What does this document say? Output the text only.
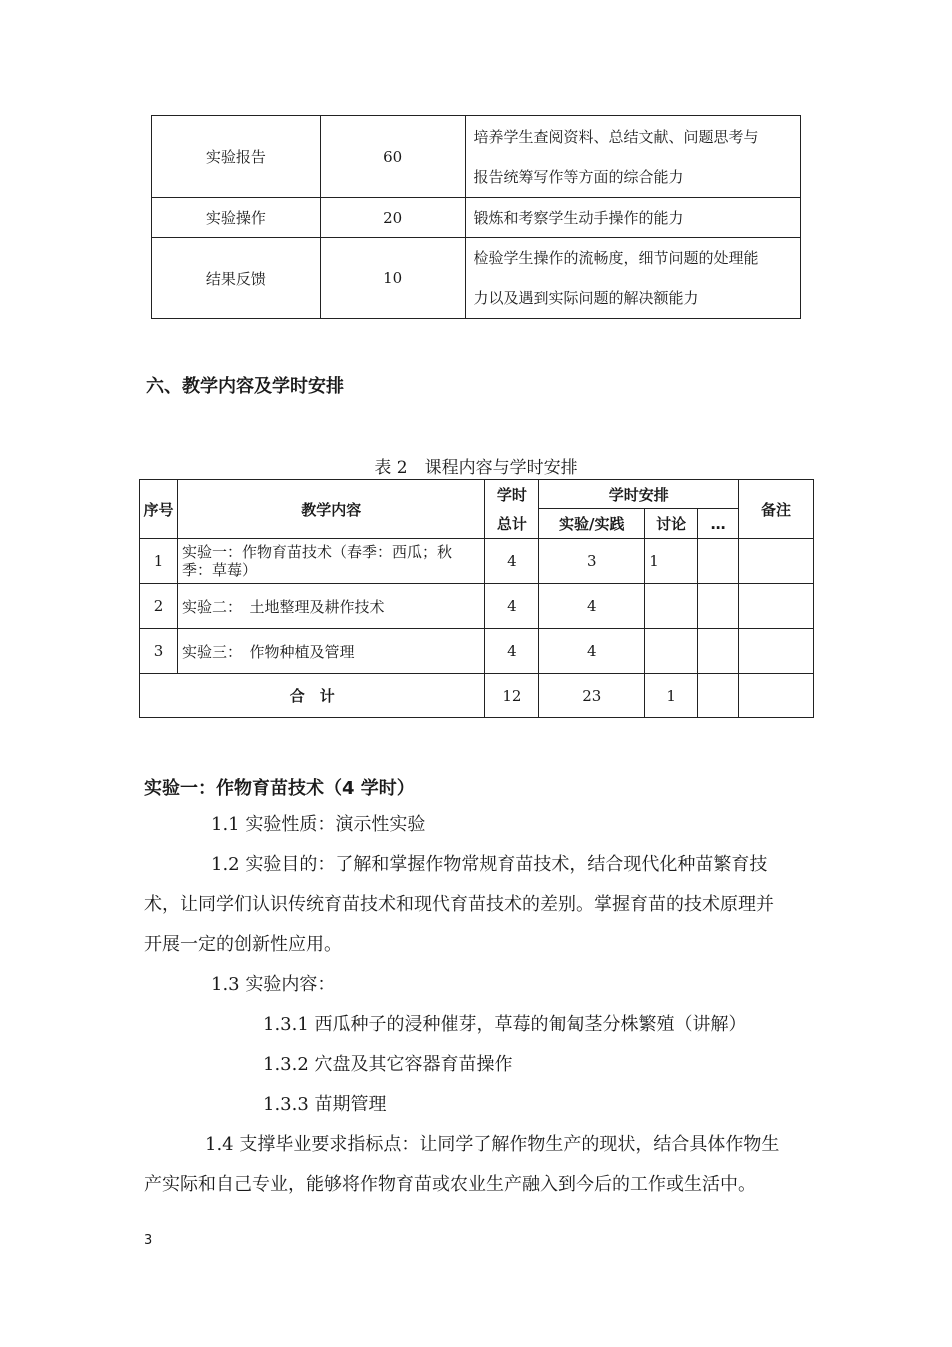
实验报告	60	培养学生查阅资料、总结文献、问题思考与
报告统筹写作等方面的综合能力

实验操作	20	锻炼和考察学生动手操作的能力
结果反馈	10	检验学生操作的流畅度，细节问题的处理能
力以及遇到实际问题的解决额能力
六、教学内容及学时安排
表 2　课程内容与学时安排
序号	教学内容	学时	学时安排			备注
		总计	实验/实践	讨论	…	
1	实验一：作物育苗技术（春季：西瓜；秋
季：草莓）	4	3	1		
2	实验二：　土地整理及耕作技术	4	4			
3	实验三：　作物种植及管理	4	4			
合　计		12	23	1		
实验一：作物育苗技术（4 学时）
1.1 实验性质：演示性实验
1.2 实验目的：了解和掌握作物常规育苗技术，结合现代化种苗繁育技
术，让同学们认识传统育苗技术和现代育苗技术的差别。掌握育苗的技术原理并
开展一定的创新性应用。
1.3 实验内容：
1.3.1 西瓜种子的浸种催芽，草莓的匍匐茎分株繁殖（讲解）
1.3.2 穴盘及其它容器育苗操作
1.3.3 苗期管理
1.4 支撑毕业要求指标点：让同学了解作物生产的现状，结合具体作物生
产实际和自己专业，能够将作物育苗或农业生产融入到今后的工作或生活中。
3
